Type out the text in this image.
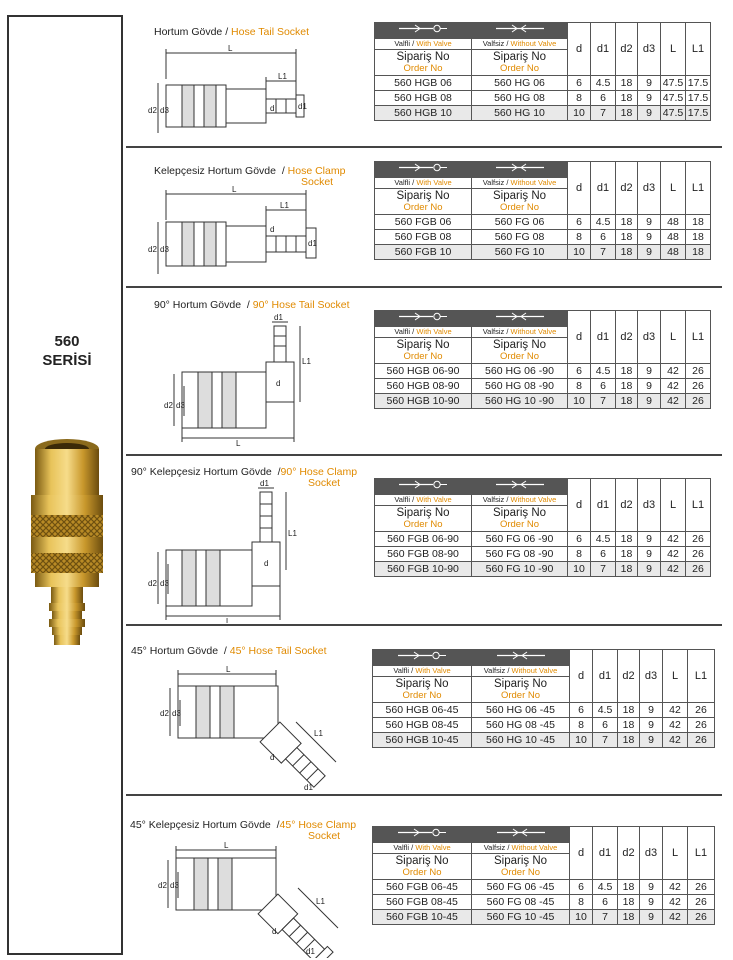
560
SERİSİ
Hortum Gövde / Hose Tail Socket
L
L1
d	d1
d2 d3
		d	d1	d2	d3	L	L1
Valfli / With Valve	Valfsiz / Without Valve						

Sipariş No
Order No	Sipariş No
Order No						

560 HGB 06	560 HG 06	6	4.5	18	9	47.5	17.5
560 HGB 08	560 HG 08	8	6	18	9	47.5	17.5
560 HGB 10	560 HG 10	10	7	18	9	47.5	17.5
Kelepçesiz Hortum Gövde  / Hose Clamp
Socket
L
L1
d
d1
d2 d3
		d	d1	d2	d3	L	L1
Valfli / With Valve	Valfsiz / Without Valve						

Sipariş No
Order No	Sipariş No
Order No						

560 FGB 06	560 FG 06	6	4.5	18	9	48	18
560 FGB 08	560 FG 08	8	6	18	9	48	18
560 FGB 10	560 FG 10	10	7	18	9	48	18
90° Hortum Gövde  / 90° Hose Tail Socket
d1
L
L1
d
d2 d3
		d	d1	d2	d3	L	L1
Valfli / With Valve	Valfsiz / Without Valve						

Sipariş No
Order No	Sipariş No
Order No						

560 HGB 06-90	560 HG 06 -90	6	4.5	18	9	42	26
560 HGB 08-90	560 HG 08 -90	8	6	18	9	42	26
560 HGB 10-90	560 HG 10 -90	10	7	18	9	42	26
90° Kelepçesiz Hortum Gövde  /90° Hose Clamp
Socket
d1
L
L1
d
d2 d3
		d	d1	d2	d3	L	L1
Valfli / With Valve	Valfsiz / Without Valve						

Sipariş No
Order No	Sipariş No
Order No						

560 FGB 06-90	560 FG 06 -90	6	4.5	18	9	42	26
560 FGB 08-90	560 FG 08 -90	8	6	18	9	42	26
560 FGB 10-90	560 FG 10 -90	10	7	18	9	42	26
45° Hortum Gövde  / 45° Hose Tail Socket
L
L1
d
d1
d2 d3
		d	d1	d2	d3	L	L1
Valfli / With Valve	Valfsiz / Without Valve						

Sipariş No
Order No	Sipariş No
Order No						

560 HGB 06-45	560 HG 06 -45	6	4.5	18	9	42	26
560 HGB 08-45	560 HG 08 -45	8	6	18	9	42	26
560 HGB 10-45	560 HG 10 -45	10	7	18	9	42	26
45° Kelepçesiz Hortum Gövde  /45° Hose Clamp
Socket
L
L1
d
d1
d2 d3
		d	d1	d2	d3	L	L1
Valfli / With Valve	Valfsiz / Without Valve						

Sipariş No
Order No	Sipariş No
Order No						

560 FGB 06-45	560 FG 06 -45	6	4.5	18	9	42	26
560 FGB 08-45	560 FG 08 -45	8	6	18	9	42	26
560 FGB 10-45	560 FG 10 -45	10	7	18	9	42	26
